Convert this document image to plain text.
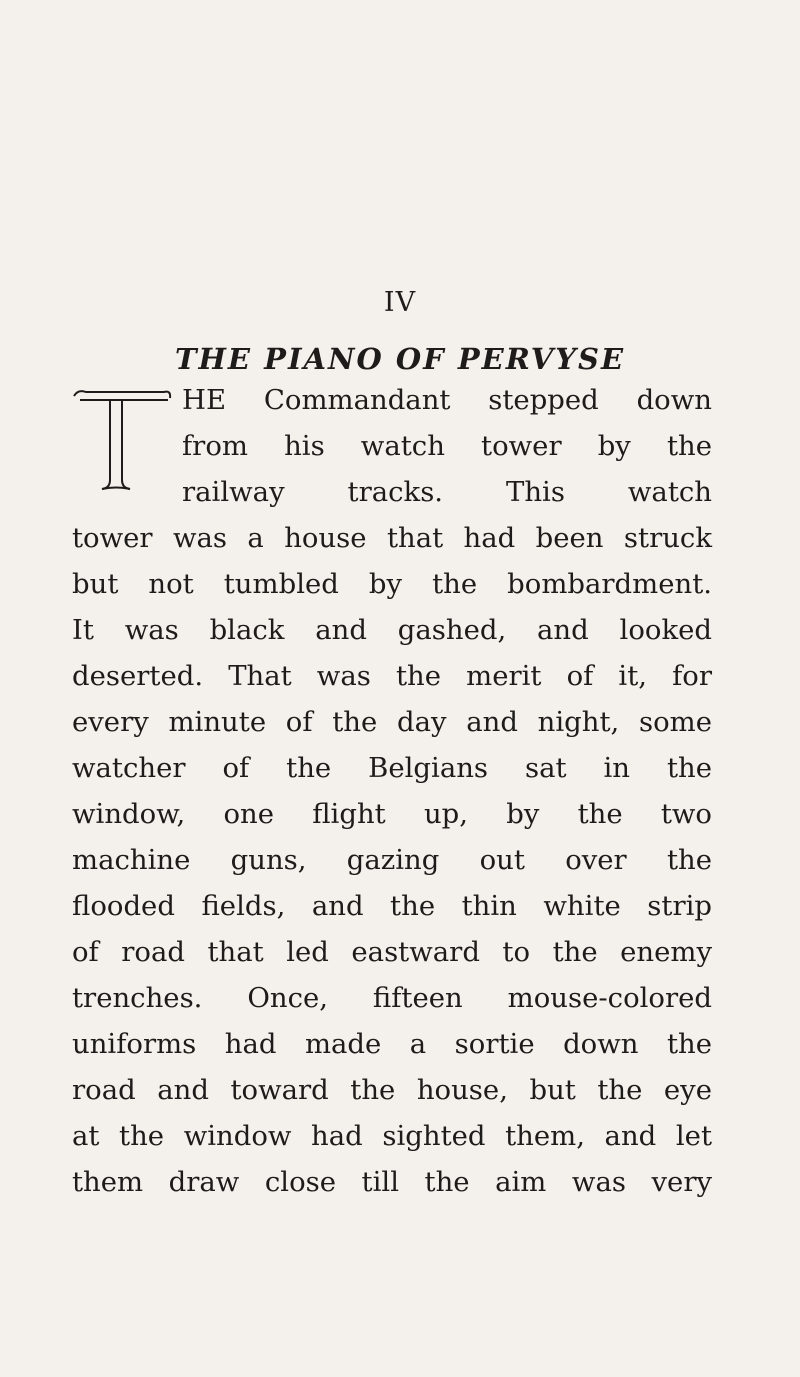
IV
THE PIANO OF PERVYSE
HE Commandant stepped down
from his watch tower by the
railway tracks. This watch
tower was a house that had been struck
but not tumbled by the bombardment.
It was black and gashed, and looked
deserted. That was the merit of it, for
every minute of the day and night, some
watcher of the Belgians sat in the
window, one flight up, by the two
machine guns, gazing out over the
flooded fields, and the thin white strip
of road that led eastward to the enemy
trenches. Once, fifteen mouse-colored
uniforms had made a sortie down the
road and toward the house, but the eye
at the window had sighted them, and let
them draw close till the aim was very
